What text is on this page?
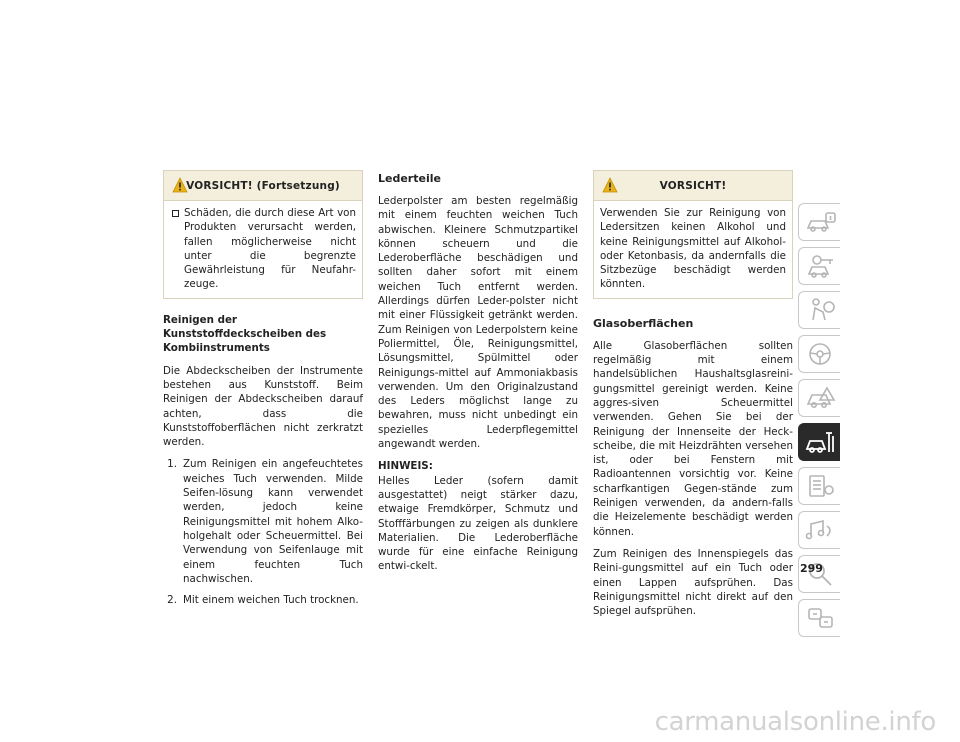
VORSICHT! (Fortsetzung)
Schäden, die durch diese Art von Produkten verursacht werden, fallen möglicherweise nicht unter die begrenzte Gewährleistung für Neufahr-zeuge.
Reinigen der Kunststoffdeckscheiben des Kombiinstruments

Die Abdeckscheiben der Instrumente bestehen aus Kunststoff. Beim Reinigen der Abdeckscheiben darauf achten, dass die Kunststoffoberflächen nicht zerkratzt werden.

1. Zum Reinigen ein angefeuchtetes weiches Tuch verwenden. Milde Seifen-lösung kann verwendet werden, jedoch keine Reinigungsmittel mit hohem Alko-holgehalt oder Scheuermittel. Bei Verwendung von Seifenlauge mit einem feuchten Tuch nachwischen.
2. Mit einem weichen Tuch trocknen.
Lederteile

Lederpolster am besten regelmäßig mit einem feuchten weichen Tuch abwischen. Kleinere Schmutzpartikel können scheuern und die Lederoberfläche beschädigen und sollten daher sofort mit einem weichen Tuch entfernt werden. Allerdings dürfen Leder-polster nicht mit einer Flüssigkeit getränkt werden. Zum Reinigen von Lederpolstern keine Poliermittel, Öle, Reinigungsmittel, Lösungsmittel, Spülmittel oder Reinigungs-mittel auf Ammoniakbasis verwenden. Um den Originalzustand des Leders möglichst lange zu bewahren, muss nicht unbedingt ein spezielles Lederpflegemittel angewandt werden.

HINWEIS:

Helles Leder (sofern damit ausgestattet) neigt stärker dazu, etwaige Fremdkörper, Schmutz und Stofffärbungen zu zeigen als dunklere Materialien. Die Lederoberfläche wurde für eine einfache Reinigung entwi-ckelt.

VORSICHT!
Verwenden Sie zur Reinigung von Ledersitzen keinen Alkohol und keine Reinigungsmittel auf Alkohol- oder Ketonbasis, da andernfalls die Sitzbezüge beschädigt werden könnten.
Glasoberflächen

Alle Glasoberflächen sollten regelmäßig mit einem handelsüblichen Haushaltsglasreini-gungsmittel gereinigt werden. Keine aggres-siven Scheuermittel verwenden. Gehen Sie bei der Reinigung der Innenseite der Heck-scheibe, die mit Heizdrähten versehen ist, oder bei Fenstern mit Radioantennen vorsichtig vor. Keine scharfkantigen Gegen-stände zum Reinigen verwenden, da andern-falls die Heizelemente beschädigt werden können.

Zum Reinigen des Innenspiegels das Reini-gungsmittel auf ein Tuch oder einen Lappen aufsprühen. Das Reinigungsmittel nicht direkt auf den Spiegel aufsprühen.

299
carmanualsonline.info
